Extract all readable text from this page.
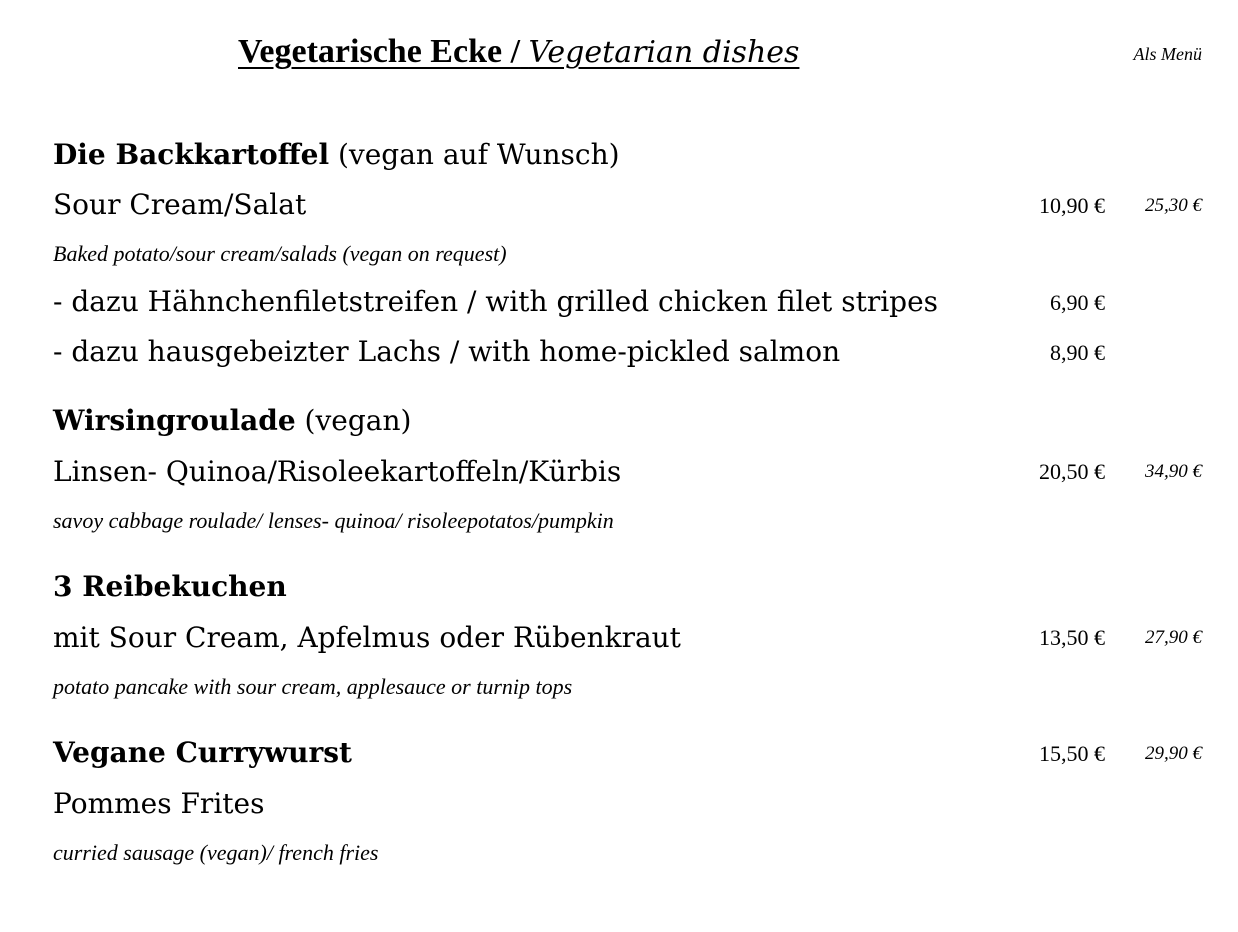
Vegetarische Ecke / Vegetarian dishes	Als Menü
Die Backkartoffel (vegan auf Wunsch)
Sour Cream/Salat	10,90 € 25,30 €
Baked potato/sour cream/salads (vegan on request)
- dazu Hähnchenfiletstreifen / with grilled chicken filet stripes	6,90 €
- dazu hausgebeizter Lachs / with home-pickled salmon	8,90 €
Wirsingroulade (vegan)
Linsen- Quinoa/Risoleekartoffeln/Kürbis	20,50 € 34,90 €
savoy cabbage roulade/ lenses- quinoa/ risoleepotatos/pumpkin
3 Reibekuchen
mit Sour Cream, Apfelmus oder Rübenkraut	13,50 € 27,90 €
potato pancake with sour cream, applesauce or turnip tops
Vegane Currywurst	15,50 € 29,90 €
Pommes Frites
curried sausage (vegan)/ french fries
